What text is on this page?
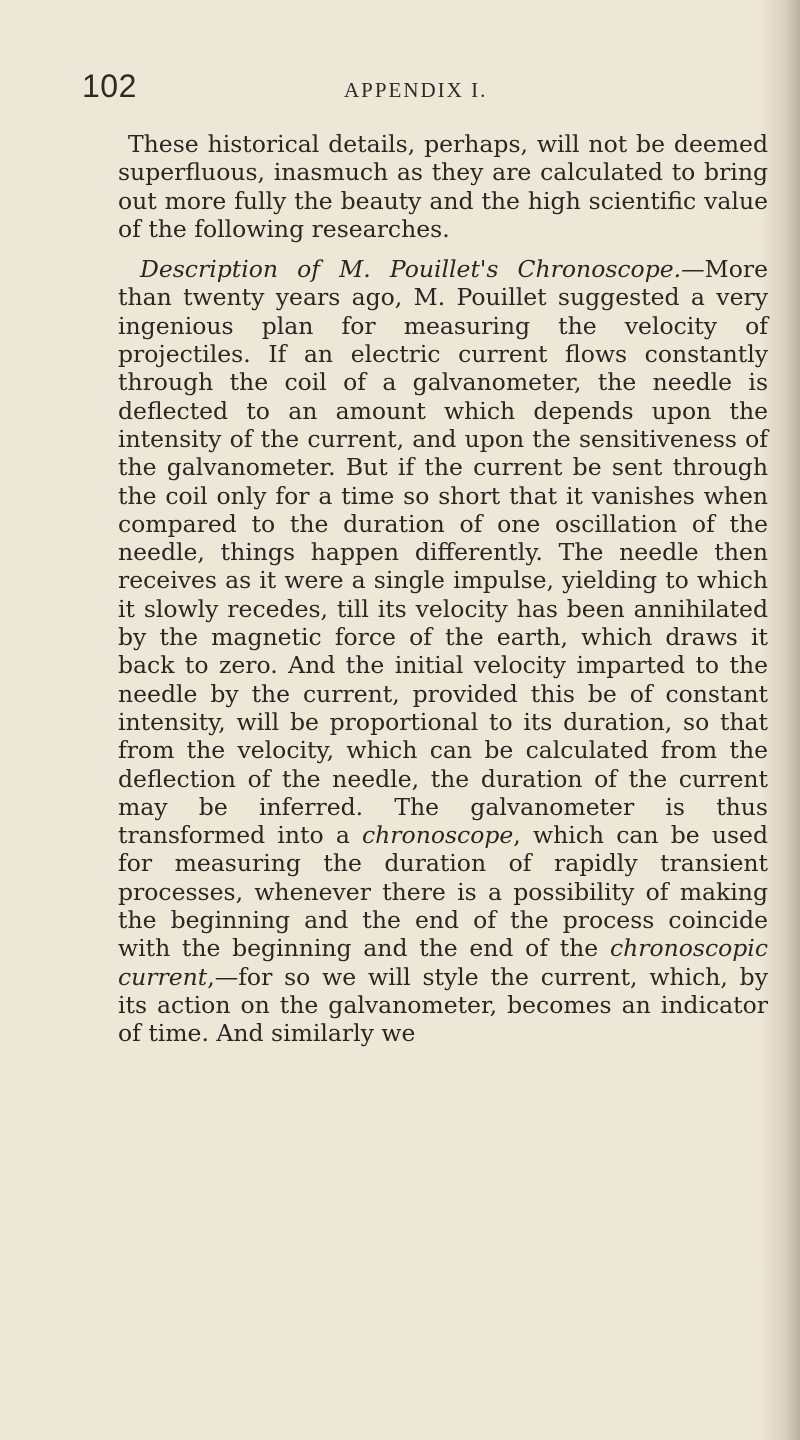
102	APPENDIX I.

These historical details, perhaps, will not be deemed superfluous, inasmuch as they are calculated to bring out more fully the beauty and the high scientific value of the following researches.

Description of M. Pouillet's Chronoscope.—More than twenty years ago, M. Pouillet suggested a very ingenious plan for measuring the velocity of projectiles. If an electric current flows constantly through the coil of a galvanometer, the needle is deflected to an amount which depends upon the intensity of the current, and upon the sensitiveness of the galvanometer. But if the current be sent through the coil only for a time so short that it vanishes when compared to the duration of one oscillation of the needle, things happen differently. The needle then receives as it were a single impulse, yielding to which it slowly recedes, till its velocity has been annihilated by the magnetic force of the earth, which draws it back to zero. And the initial velocity imparted to the needle by the current, provided this be of constant intensity, will be proportional to its duration, so that from the velocity, which can be calculated from the deflection of the needle, the duration of the current may be inferred. The galvanometer is thus transformed into a chronoscope, which can be used for measuring the duration of rapidly transient processes, whenever there is a possibility of making the beginning and the end of the process coincide with the beginning and the end of the chronoscopic current,—for so we will style the current, which, by its action on the galvanometer, becomes an indicator of time. And similarly we
